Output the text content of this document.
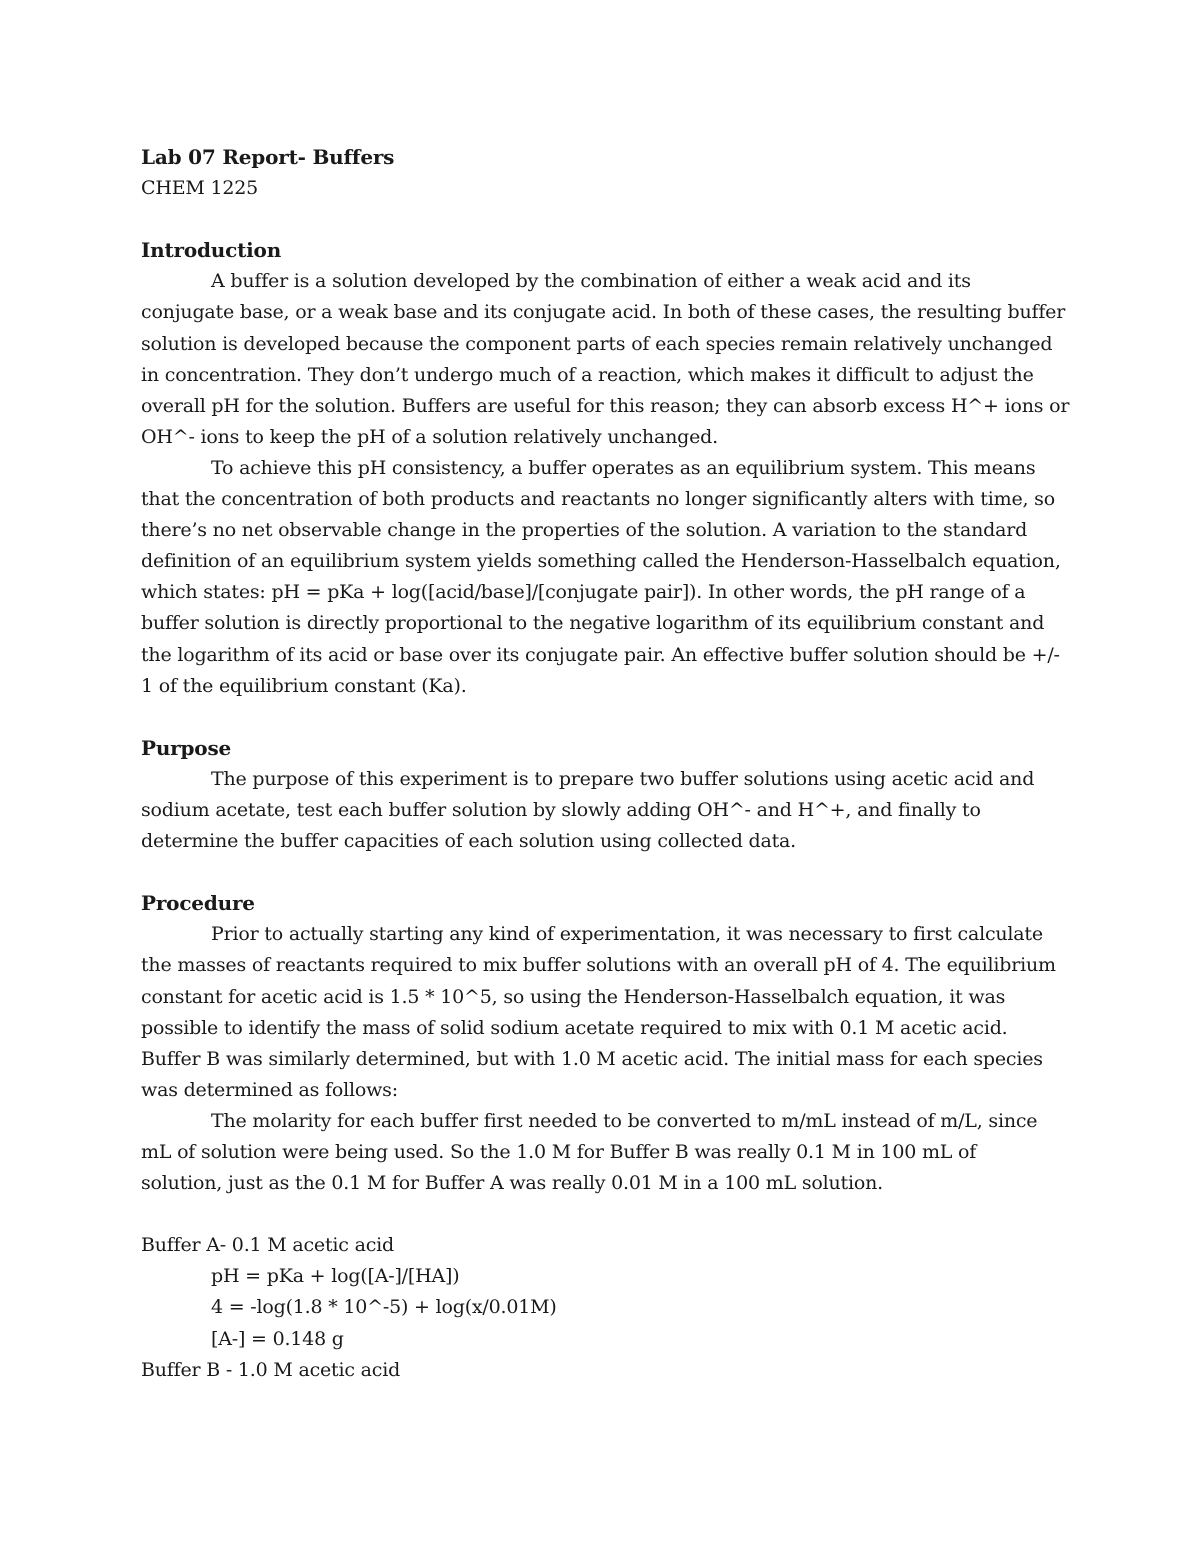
Lab 07 Report- Buffers
CHEM 1225
Introduction
A buffer is a solution developed by the combination of either a weak acid and its
conjugate base, or a weak base and its conjugate acid. In both of these cases, the resulting buffer
solution is developed because the component parts of each species remain relatively unchanged
in concentration. They don’t undergo much of a reaction, which makes it difficult to adjust the
overall pH for the solution. Buffers are useful for this reason; they can absorb excess H^+ ions or
OH^- ions to keep the pH of a solution relatively unchanged.
To achieve this pH consistency, a buffer operates as an equilibrium system. This means
that the concentration of both products and reactants no longer significantly alters with time, so
there’s no net observable change in the properties of the solution. A variation to the standard
definition of an equilibrium system yields something called the Henderson-Hasselbalch equation,
which states: pH = pKa + log([acid/base]/[conjugate pair]). In other words, the pH range of a
buffer solution is directly proportional to the negative logarithm of its equilibrium constant and
the logarithm of its acid or base over its conjugate pair. An effective buffer solution should be +/-
1 of the equilibrium constant (Ka).
Purpose
The purpose of this experiment is to prepare two buffer solutions using acetic acid and
sodium acetate, test each buffer solution by slowly adding OH^- and H^+, and finally to
determine the buffer capacities of each solution using collected data.
Procedure
Prior to actually starting any kind of experimentation, it was necessary to first calculate
the masses of reactants required to mix buffer solutions with an overall pH of 4. The equilibrium
constant for acetic acid is 1.5 * 10^5, so using the Henderson-Hasselbalch equation, it was
possible to identify the mass of solid sodium acetate required to mix with 0.1 M acetic acid.
Buffer B was similarly determined, but with 1.0 M acetic acid. The initial mass for each species
was determined as follows:
The molarity for each buffer first needed to be converted to m/mL instead of m/L, since
mL of solution were being used. So the 1.0 M for Buffer B was really 0.1 M in 100 mL of
solution, just as the 0.1 M for Buffer A was really 0.01 M in a 100 mL solution.
Buffer A- 0.1 M acetic acid
pH = pKa + log([A-]/[HA])
4 = -log(1.8 * 10^-5) + log(x/0.01M)
[A-] = 0.148 g
Buffer B - 1.0 M acetic acid
